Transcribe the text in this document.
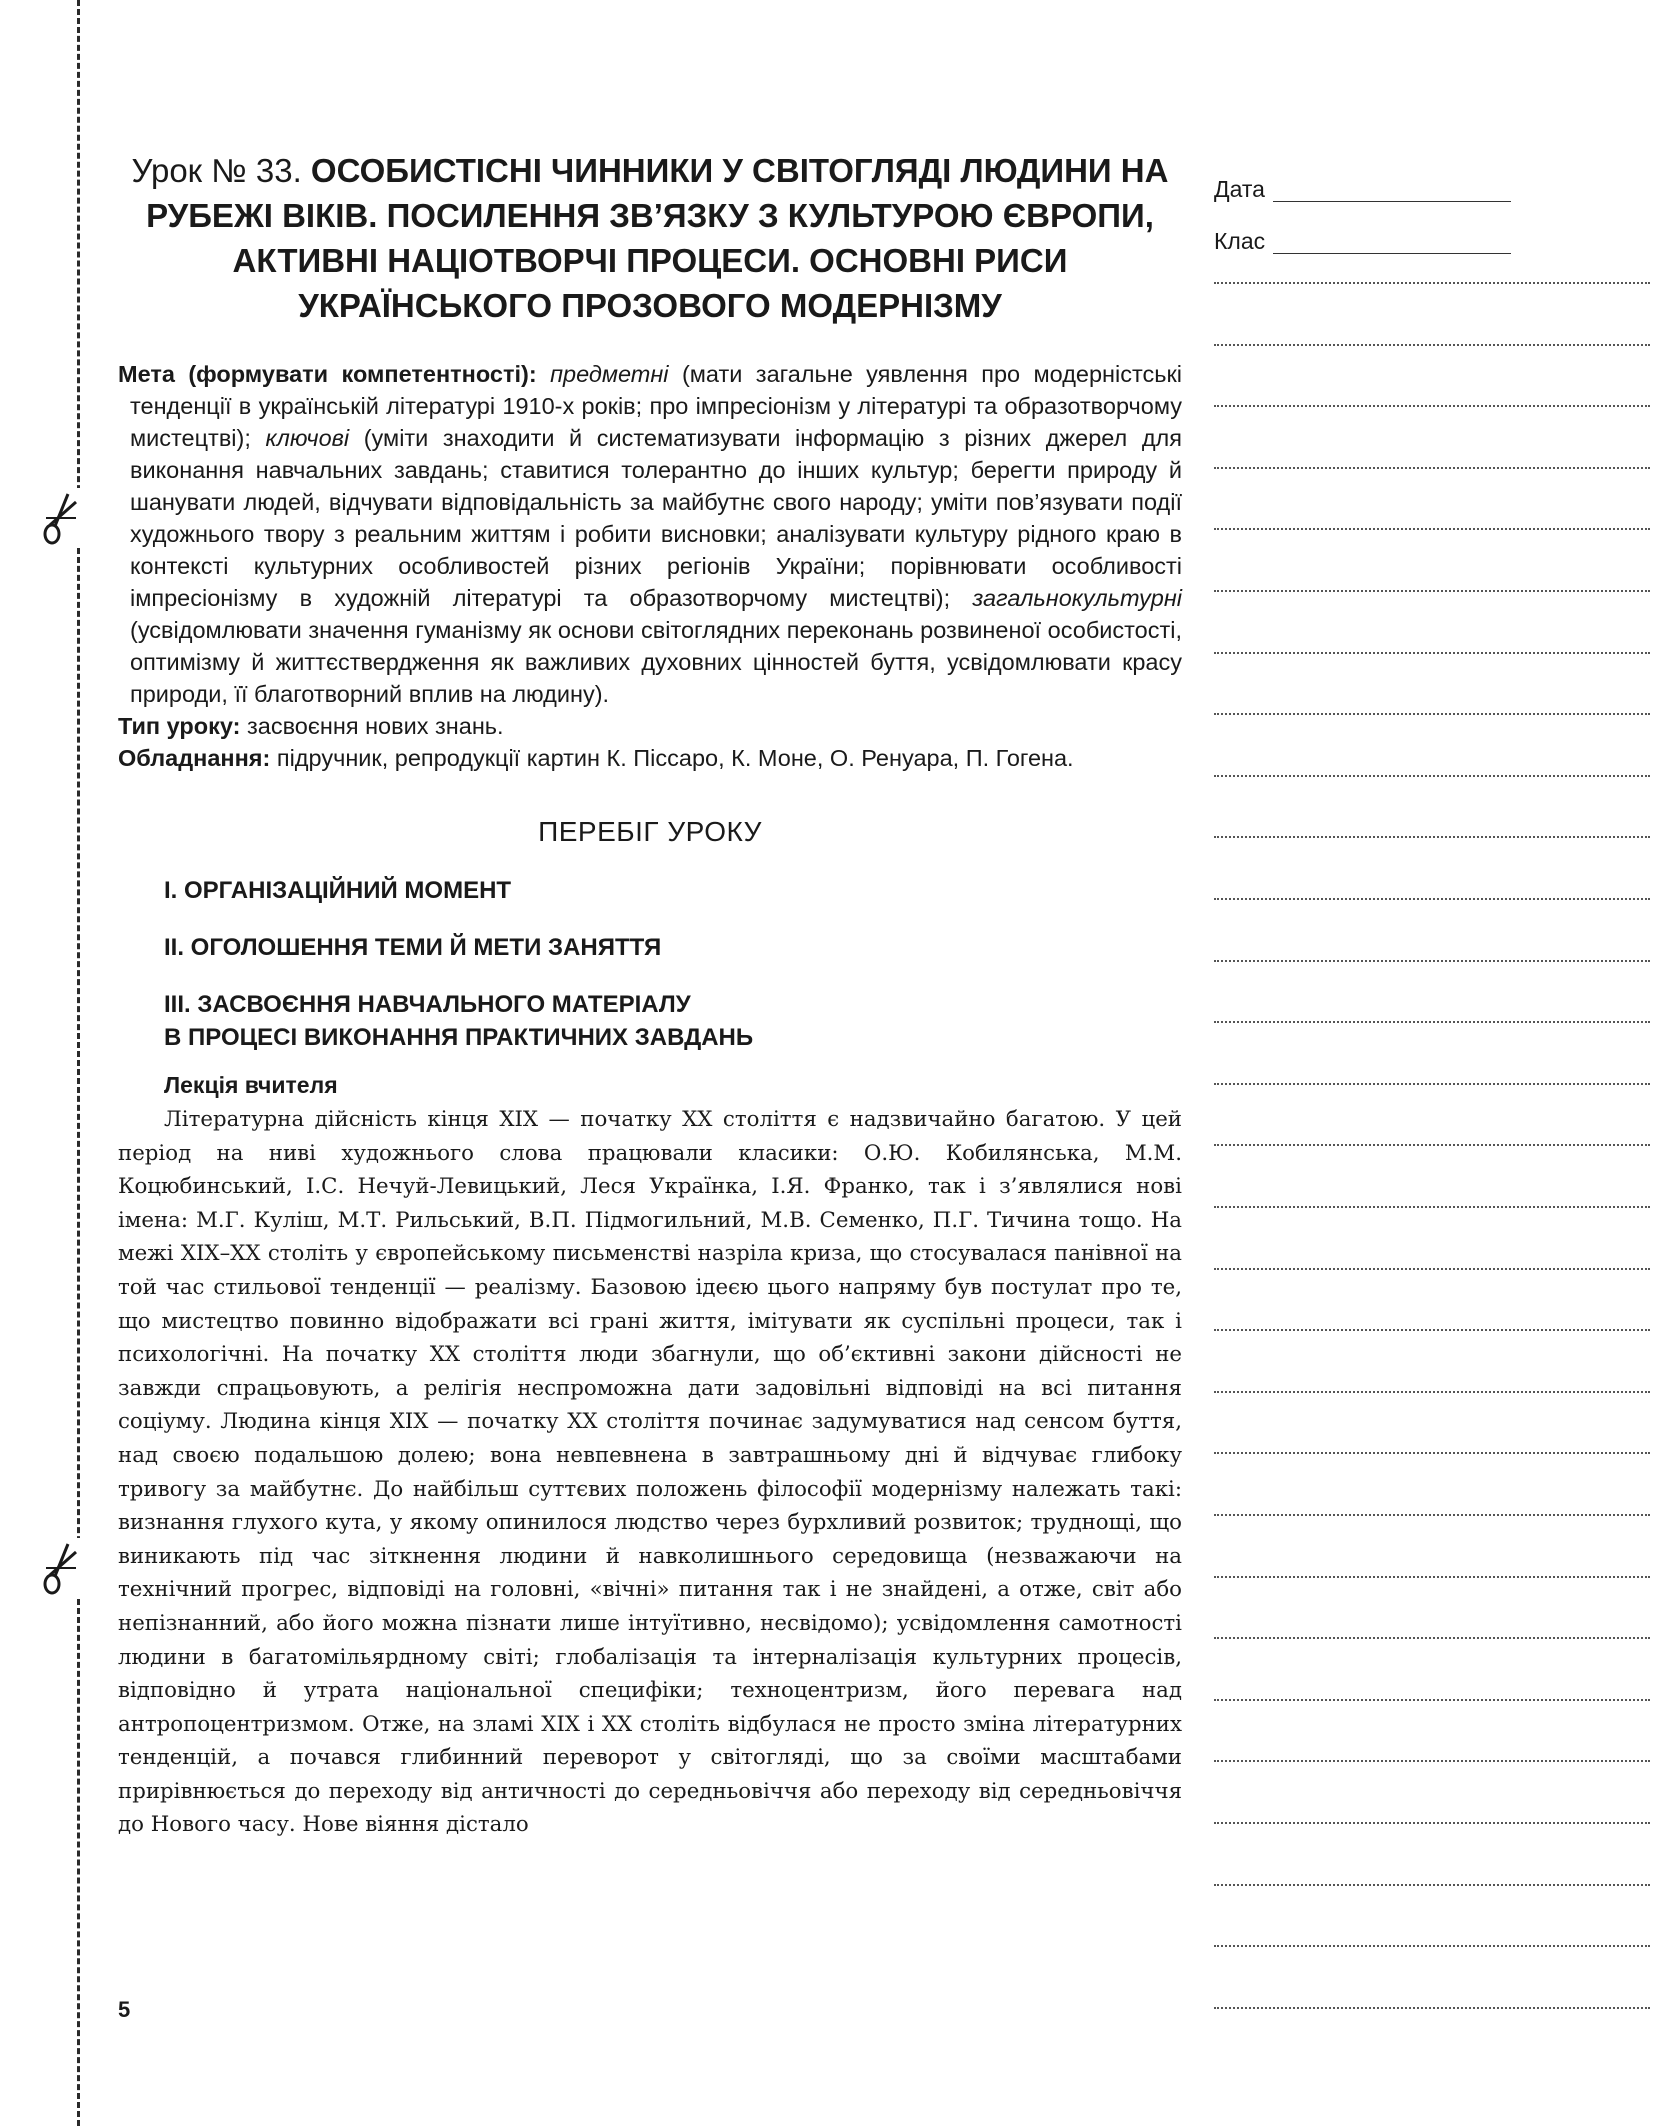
Урок № 33. ОСОБИСТІСНІ ЧИННИКИ У СВІТОГЛЯДІ ЛЮДИНИ НА РУБЕЖІ ВІКІВ. ПОСИЛЕННЯ ЗВ’ЯЗКУ З КУЛЬТУРОЮ ЄВРОПИ, АКТИВНІ НАЦІОТВОРЧІ ПРОЦЕСИ. ОСНОВНІ РИСИ УКРАЇНСЬКОГО ПРОЗОВОГО МОДЕРНІЗМУ

Мета (формувати компетентності): предметні (мати загальне уявлення про модерністські тенденції в українській літературі 1910-х років; про імпресіонізм у літературі та образотворчому мистецтві); ключові (уміти знаходити й систематизувати інформацію з різних джерел для виконання навчальних завдань; ставитися толерантно до інших культур; берегти природу й шанувати людей, відчувати відповідальність за майбутнє свого народу; уміти пов’язувати події художнього твору з реальним життям і робити висновки; аналізувати культуру рідного краю в контексті культурних особливостей різних регіонів України; порівнювати особливості імпресіонізму в художній літературі та образотворчому мистецтві); загальнокультурні (усвідомлювати значення гуманізму як основи світоглядних переконань розвиненої особистості, оптимізму й життєствердження як важливих духовних цінностей буття, усвідомлювати красу природи, її благотворний вплив на людину).

Тип уроку: засвоєння нових знань.

Обладнання: підручник, репродукції картин К. Піссаро, К. Моне, О. Ренуара, П. Гогена.

ПЕРЕБІГ УРОКУ
І. ОРГАНІЗАЦІЙНИЙ МОМЕНТ
ІІ. ОГОЛОШЕННЯ ТЕМИ Й МЕТИ ЗАНЯТТЯ
ІІІ. ЗАСВОЄННЯ НАВЧАЛЬНОГО МАТЕРІАЛУ
В ПРОЦЕСІ ВИКОНАННЯ ПРАКТИЧНИХ ЗАВДАНЬ
Лекція вчителя

Літературна дійсність кінця ХІХ — початку ХХ століття є надзвичайно багатою. У цей період на ниві художнього слова працювали класики: О.Ю. Кобилянська, М.М. Коцюбинський, І.С. Нечуй-Левицький, Леся Українка, І.Я. Франко, так і з’являлися нові імена: М.Г. Куліш, М.Т. Рильський, В.П. Підмогильний, М.В. Семенко, П.Г. Тичина тощо. На межі ХІХ–ХХ століть у європейському письменстві назріла криза, що стосувалася панівної на той час стильової тенденції — реалізму. Базовою ідеєю цього напряму був постулат про те, що мистецтво повинно відображати всі грані життя, імітувати як суспільні процеси, так і психологічні. На початку ХХ століття люди збагнули, що об’єктивні закони дійсності не завжди спрацьовують, а релігія неспроможна дати задовільні відповіді на всі питання соціуму. Людина кінця ХІХ — початку ХХ століття починає задумуватися над сенсом буття, над своєю подальшою долею; вона невпевнена в завтрашньому дні й відчуває глибоку тривогу за майбутнє. До найбільш суттєвих положень філософії модернізму належать такі: визнання глухого кута, у якому опинилося людство через бурхливий розвиток; труднощі, що виникають під час зіткнення людини й навколишнього середовища (незважаючи на технічний прогрес, відповіді на головні, «вічні» питання так і не знайдені, а отже, світ або непізнанний, або його можна пізнати лише інтуїтивно, несвідомо); усвідомлення самотності людини в багатомільярдному світі; глобалізація та інтерналізація культурних процесів, відповідно й утрата національної специфіки; техноцентризм, його перевага над антропоцентризмом. Отже, на зламі ХІХ і ХХ століть відбулася не просто зміна літературних тенденцій, а почався глибинний переворот у світогляді, що за своїми масштабами прирівнюється до переходу від античності до середньовіччя або переходу від середньовіччя до Нового часу. Нове віяння дістало

Дата
Клас
5
